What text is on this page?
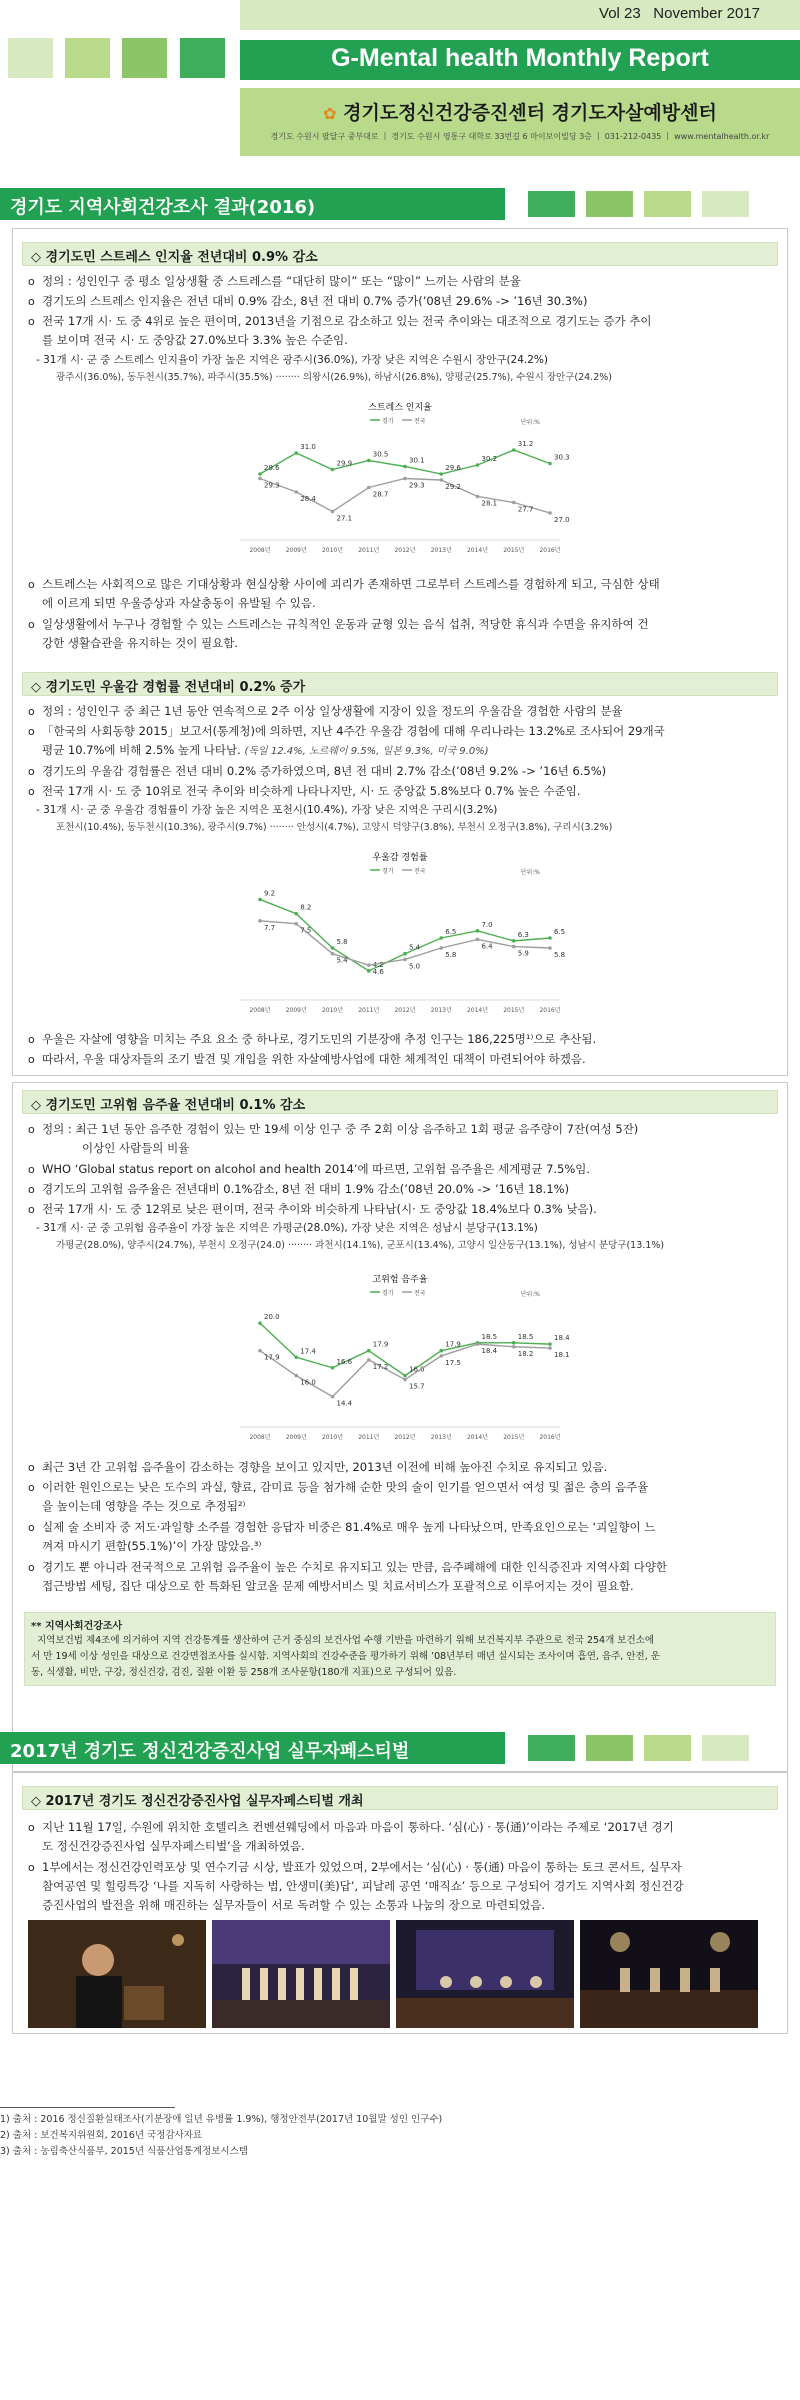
Vol 23 November 2017
G-Mental health Monthly Report
✿ 경기도정신건강증진센터 경기도자살예방센터
경기도 수원시 팔달구 중부대로 ㅣ 경기도 수원시 영통구 대학로 33번길 6 마이보이빌딩 3층 ㅣ 031-212-0435 ㅣ www.mentalhealth.or.kr
경기도 지역사회건강조사 결과(2016)
◇ 경기도민 스트레스 인지율 전년대비 0.9% 감소
o 정의 : 성인인구 중 평소 일상생활 중 스트레스를 “대단히 많이” 또는 “많이” 느끼는 사람의 분율
o 경기도의 스트레스 인지율은 전년 대비 0.9% 감소, 8년 전 대비 0.7% 증가(’08년 29.6% -> ’16년 30.3%)
o 전국 17개 시· 도 중 4위로 높은 편이며, 2013년을 기점으로 감소하고 있는 전국 추이와는 대조적으로 경기도는 증가 추이
를 보이며 전국 시· 도 중앙값 27.0%보다 3.3% 높은 수준임.
- 31개 시· 군 중 스트레스 인지율이 가장 높은 지역은 광주시(36.0%), 가장 낮은 지역은 수원시 장안구(24.2%)
광주시(36.0%), 동두천시(35.7%), 파주시(35.5%) ········ 의왕시(26.9%), 하남시(26.8%), 양평군(25.7%), 수원시 장안구(24.2%)
스트레스 인지율
단위:%
경기	전국
2008년	2009년	2010년	2011년	2012년	2013년	2014년	2015년	2016년
29.6
31.0
29.9
30.5
30.1
29.6
30.2
31.2
30.3
29.3
28.4
27.1
28.7
29.3	29.2
28.1
27.7
27.0
o 스트레스는 사회적으로 많은 기대상황과 현실상황 사이에 괴리가 존재하면 그로부터 스트레스를 경험하게 되고, 극심한 상태
에 이르게 되면 우울증상과 자살충동이 유발될 수 있음.
o 일상생활에서 누구나 경험할 수 있는 스트레스는 규칙적인 운동과 균형 있는 음식 섭취, 적당한 휴식과 수면을 유지하여 건
강한 생활습관을 유지하는 것이 필요함.
◇ 경기도민 우울감 경험률 전년대비 0.2% 증가
o 정의 : 성인인구 중 최근 1년 동안 연속적으로 2주 이상 일상생활에 지장이 있을 정도의 우울감을 경험한 사람의 분율
o 「한국의 사회동향 2015」보고서(통계청)에 의하면, 지난 4주간 우울감 경험에 대해 우리나라는 13.2%로 조사되어 29개국
평균 10.7%에 비해 2.5% 높게 나타남. (독일 12.4%, 노르웨이 9.5%, 일본 9.3%, 미국 9.0%)
o 경기도의 우울감 경험률은 전년 대비 0.2% 증가하였으며, 8년 전 대비 2.7% 감소(’08년 9.2% -> ’16년 6.5%)
o 전국 17개 시· 도 중 10위로 전국 추이와 비슷하게 나타나지만, 시· 도 중앙값 5.8%보다 0.7% 높은 수준임.
- 31개 시· 군 중 우울감 경험률이 가장 높은 지역은 포천시(10.4%), 가장 낮은 지역은 구리시(3.2%)
포천시(10.4%), 동두천시(10.3%), 광주시(9.7%) ········ 안성시(4.7%), 고양시 덕양구(3.8%), 부천시 오정구(3.8%), 구리시(3.2%)
우울감 경험률
단위:%
경기	전국
2008년	2009년	2010년	2011년	2012년	2013년	2014년	2015년	2016년
9.2
8.2
5.8
4.2
5.4
6.5
7.0
6.3	6.5
7.7	7.5
5.4
4.6
5.0
5.8
6.4
5.9	5.8
o 우울은 자살에 영향을 미치는 주요 요소 중 하나로, 경기도민의 기분장애 추정 인구는 186,225명¹⁾으로 추산됨.
o 따라서, 우울 대상자들의 조기 발견 및 개입을 위한 자살예방사업에 대한 체계적인 대책이 마련되어야 하겠음.
◇ 경기도민 고위험 음주율 전년대비 0.1% 감소
o 정의 : 최근 1년 동안 음주한 경험이 있는 만 19세 이상 인구 중 주 2회 이상 음주하고 1회 평균 음주량이 7잔(여성 5잔)
이상인 사람들의 비율
o WHO ‘Global status report on alcohol and health 2014’에 따르면, 고위험 음주율은 세계평균 7.5%임.
o 경기도의 고위험 음주율은 전년대비 0.1%감소, 8년 전 대비 1.9% 감소(’08년 20.0% -> ’16년 18.1%)
o 전국 17개 시· 도 중 12위로 낮은 편이며, 전국 추이와 비슷하게 나타남(시· 도 중앙값 18.4%보다 0.3% 낮음).
- 31개 시· 군 중 고위험 음주율이 가장 높은 지역은 가평군(28.0%), 가장 낮은 지역은 성남시 분당구(13.1%)
가평군(28.0%), 양주시(24.7%), 부천시 오정구(24.0) ········ 과천시(14.1%), 군포시(13.4%), 고양시 일산동구(13.1%), 성남시 분당구(13.1%)
고위험 음주율
단위:%
경기	전국
2008년	2009년	2010년	2011년	2012년	2013년	2014년	2015년	2016년
20.0
17.4
16.6
17.9
16.0
17.9
18.5	18.5	18.4
17.9
16.0
14.4
17.2
15.7
17.5
18.4	18.2	18.1
o 최근 3년 간 고위험 음주율이 감소하는 경향을 보이고 있지만, 2013년 이전에 비해 높아진 수치로 유지되고 있음.
o 이러한 원인으로는 낮은 도수의 과실, 향료, 감미료 등을 첨가해 순한 맛의 술이 인기를 얻으면서 여성 및 젊은 층의 음주율
을 높이는데 영향을 주는 것으로 추정됨²⁾
o 실제 술 소비자 중 저도·과일향 소주를 경험한 응답자 비중은 81.4%로 매우 높게 나타났으며, 만족요인으로는 ‘괴일향이 느
껴져 마시기 편함(55.1%)’이 가장 많았음.³⁾
o 경기도 뿐 아니라 전국적으로 고위험 음주율이 높은 수치로 유지되고 있는 만큼, 음주폐해에 대한 인식증진과 지역사회 다양한
접근방법 세팅, 집단 대상으로 한 특화된 알코올 문제 예방서비스 및 치료서비스가 포괄적으로 이루어지는 것이 필요함.
** 지역사회건강조사
지역보건법 제4조에 의거하여 지역 건강통계를 생산하여 근거 중심의 보건사업 수행 기반을 마련하기 위해 보건복지부 주관으로 전국 254개 보건소에
서 만 19세 이상 성인을 대상으로 건강면접조사를 실시함. 지역사회의 건강수준을 평가하기 위해 ’08년부터 매년 실시되는 조사이며 흡연, 음주, 안전, 운
동, 식생활, 비만, 구강, 정신건강, 검진, 질환 이환 등 258개 조사문항(180개 지표)으로 구성되어 있음.
2017년 경기도 정신건강증진사업 실무자페스티벌
◇ 2017년 경기도 정신건강증진사업 실무자페스티벌 개최
o 지난 11월 17일, 수원에 위치한 호텔리츠 컨벤션웨딩에서 마음과 마음이 통하다. ‘심(心) · 통(通)’이라는 주제로 ‘2017년 경기
도 정신건강증진사업 실무자페스티벌’을 개최하였음.
o 1부에서는 정신건강인력포상 및 연수기금 시상, 발표가 있었으며, 2부에서는 ‘심(心) · 통(通) 마음이 통하는 토크 콘서트, 실무자
참여공연 및 힐링특강 ‘나를 지독히 사랑하는 법, 안생미(美)답’, 피날레 공연 ‘매직쇼’ 등으로 구성되어 경기도 지역사회 정신건강
증진사업의 발전을 위해 매진하는 실무자들이 서로 독려할 수 있는 소통과 나눔의 장으로 마련되었음.
1) 출처 : 2016 정신질환실태조사(기분장애 일년 유병률 1.9%), 행정안전부(2017년 10월말 성인 인구수)
2) 출처 : 보건복지위원회, 2016년 국정감사자료
3) 출처 : 농림축산식품부, 2015년 식품산업통계정보시스템
